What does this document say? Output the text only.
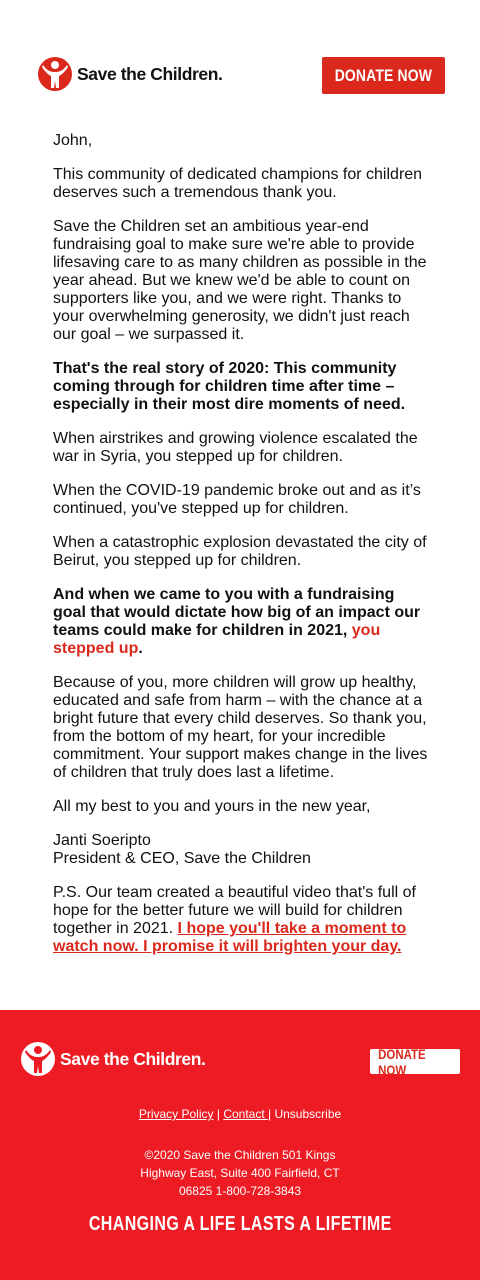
Save the Children.	DONATE NOW

John,

This community of dedicated champions for children deserves such a tremendous thank you.

Save the Children set an ambitious year-end fundraising goal to make sure we're able to provide lifesaving care to as many children as possible in the year ahead. But we knew we'd be able to count on supporters like you, and we were right. Thanks to your overwhelming generosity, we didn't just reach our goal – we surpassed it.

That's the real story of 2020: This community coming through for children time after time – especially in their most dire moments of need.

When airstrikes and growing violence escalated the war in Syria, you stepped up for children.

When the COVID-19 pandemic broke out and as it’s continued, you've stepped up for children.

When a catastrophic explosion devastated the city of Beirut, you stepped up for children.

And when we came to you with a fundraising goal that would dictate how big of an impact our teams could make for children in 2021, you stepped up.

Because of you, more children will grow up healthy, educated and safe from harm – with the chance at a bright future that every child deserves. So thank you, from the bottom of my heart, for your incredible commitment. Your support makes change in the lives of children that truly does last a lifetime.

All my best to you and yours in the new year,

Janti Soeripto
President & CEO, Save the Children

P.S. Our team created a beautiful video that's full of hope for the better future we will build for children together in 2021. I hope you'll take a moment to watch now. I promise it will brighten your day.

Save the Children.	DONATE NOW
Privacy Policy | Contact | Unsubscribe
©2020 Save the Children 501 Kings
Highway East, Suite 400 Fairfield, CT
06825 1-800-728-3843
CHANGING A LIFE LASTS A LIFETIME
